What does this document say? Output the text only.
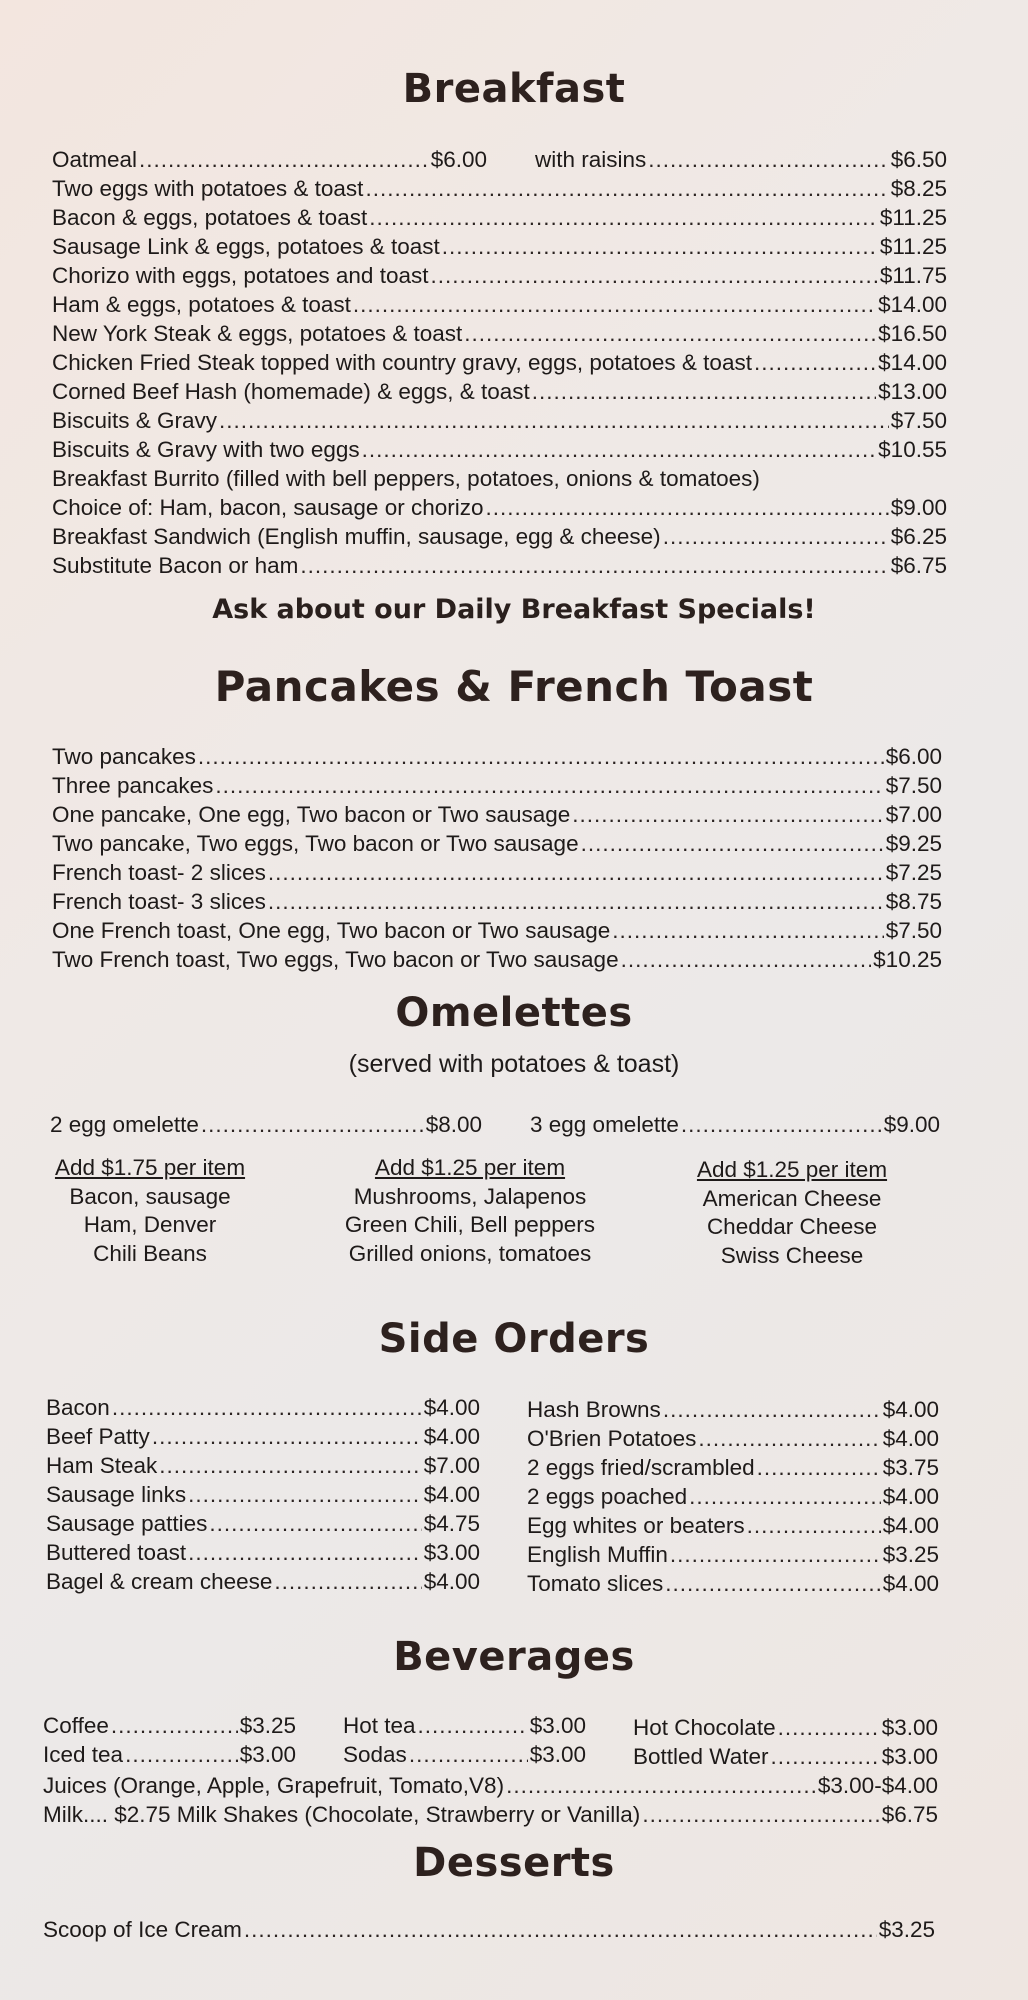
Breakfast
Oatmeal .....	$6.00 with raisins .....	$6.50
Two eggs with potatoes & toast .....	$8.25
Bacon & eggs, potatoes & toast .....	$11.25
Sausage Link & eggs, potatoes & toast .....	$11.25
Chorizo with eggs, potatoes and toast .....	$11.75
Ham & eggs, potatoes & toast .....	$14.00
New York Steak & eggs, potatoes & toast .....	$16.50
Chicken Fried Steak topped with country gravy, eggs, potatoes & toast .....	$14.00
Corned Beef Hash (homemade) & eggs, & toast .....	$13.00
Biscuits & Gravy .....	$7.50
Biscuits & Gravy with two eggs .....	$10.55
Breakfast Burrito (filled with bell peppers, potatoes, onions & tomatoes)
Choice of: Ham, bacon, sausage or chorizo .....	$9.00
Breakfast Sandwich (English muffin, sausage, egg & cheese) .....	$6.25
Substitute Bacon or ham .....	$6.75
Ask about our Daily Breakfast Specials!
Pancakes & French Toast
Two pancakes .....	$6.00
Three pancakes .....	$7.50
One pancake, One egg, Two bacon or Two sausage .....	$7.00
Two pancake, Two eggs, Two bacon or Two sausage .....	$9.25
French toast- 2 slices .....	$7.25
French toast- 3 slices .....	$8.75
One French toast, One egg, Two bacon or Two sausage .....	$7.50
Two French toast, Two eggs, Two bacon or Two sausage .....	$10.25
Omelettes
(served with potatoes & toast)
2 egg omelette .....	$8.00 3 egg omelette .....	$9.00
Add $1.75 per item
Bacon, sausage
Ham, Denver
Chili Beans
Add $1.25 per item
Mushrooms, Jalapenos
Green Chili, Bell peppers
Grilled onions, tomatoes
Add $1.25 per item
American Cheese
Cheddar Cheese
Swiss Cheese
Side Orders
Bacon .....	$4.00
Beef Patty .....	$4.00
Ham Steak .....	$7.00
Sausage links .....	$4.00
Sausage patties .....	$4.75
Buttered toast .....	$3.00
Bagel & cream cheese .....	$4.00
Hash Browns .....	$4.00
O'Brien Potatoes .....	$4.00
2 eggs fried/scrambled .....	$3.75
2 eggs poached .....	$4.00
Egg whites or beaters .....	$4.00
English Muffin .....	$3.25
Tomato slices .....	$4.00
Beverages
Coffee .....	$3.25 Hot tea .....	$3.00 Hot Chocolate .....	$3.00
Iced tea .....	$3.00 Sodas .....	$3.00 Bottled Water .....	$3.00
Juices (Orange, Apple, Grapefruit, Tomato,V8) .....	$3.00-$4.00
Milk.... $2.75 Milk Shakes (Chocolate, Strawberry or Vanilla) .....	$6.75
Desserts
Scoop of Ice Cream .....	$3.25
